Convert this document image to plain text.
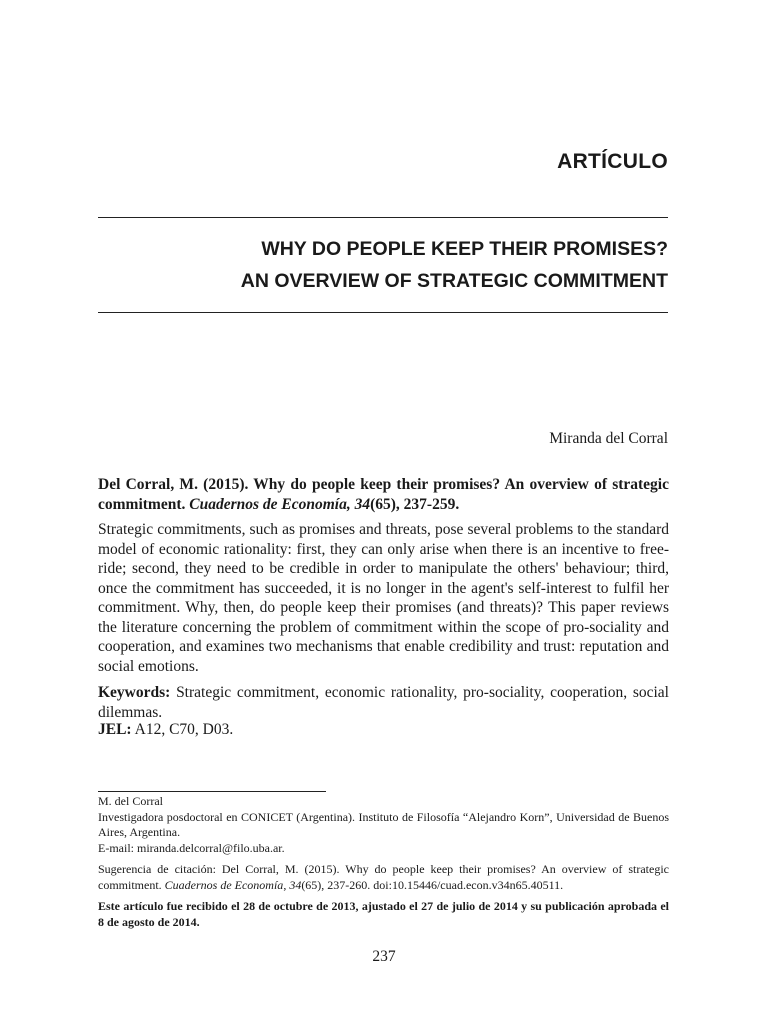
ARTÍCULO
WHY DO PEOPLE KEEP THEIR PROMISES?
AN OVERVIEW OF STRATEGIC COMMITMENT
Miranda del Corral

Del Corral, M. (2015). Why do people keep their promises? An overview of strategic commitment. Cuadernos de Economía, 34(65), 237-259.

Strategic commitments, such as promises and threats, pose several problems to the standard model of economic rationality: first, they can only arise when there is an incentive to free-ride; second, they need to be credible in order to manipulate the others' behaviour; third, once the commitment has succeeded, it is no longer in the agent's self-interest to fulfil her commitment. Why, then, do people keep their promises (and threats)? This paper reviews the literature concerning the problem of commitment within the scope of pro-sociality and cooperation, and examines two mechanisms that enable credibility and trust: reputation and social emotions.

Keywords: Strategic commitment, economic rationality, pro-sociality, cooperation, social dilemmas.

JEL: A12, C70, D03.

M. del Corral

Investigadora posdoctoral en CONICET (Argentina). Instituto de Filosofía “Alejandro Korn”, Universidad de Buenos Aires, Argentina.

E-mail: miranda.delcorral@filo.uba.ar.

Sugerencia de citación: Del Corral, M. (2015). Why do people keep their promises? An overview of strategic commitment. Cuadernos de Economía, 34(65), 237-260. doi:10.15446/cuad.econ.v34n65.40511.

Este artículo fue recibido el 28 de octubre de 2013, ajustado el 27 de julio de 2014 y su publicación aprobada el 8 de agosto de 2014.

237
